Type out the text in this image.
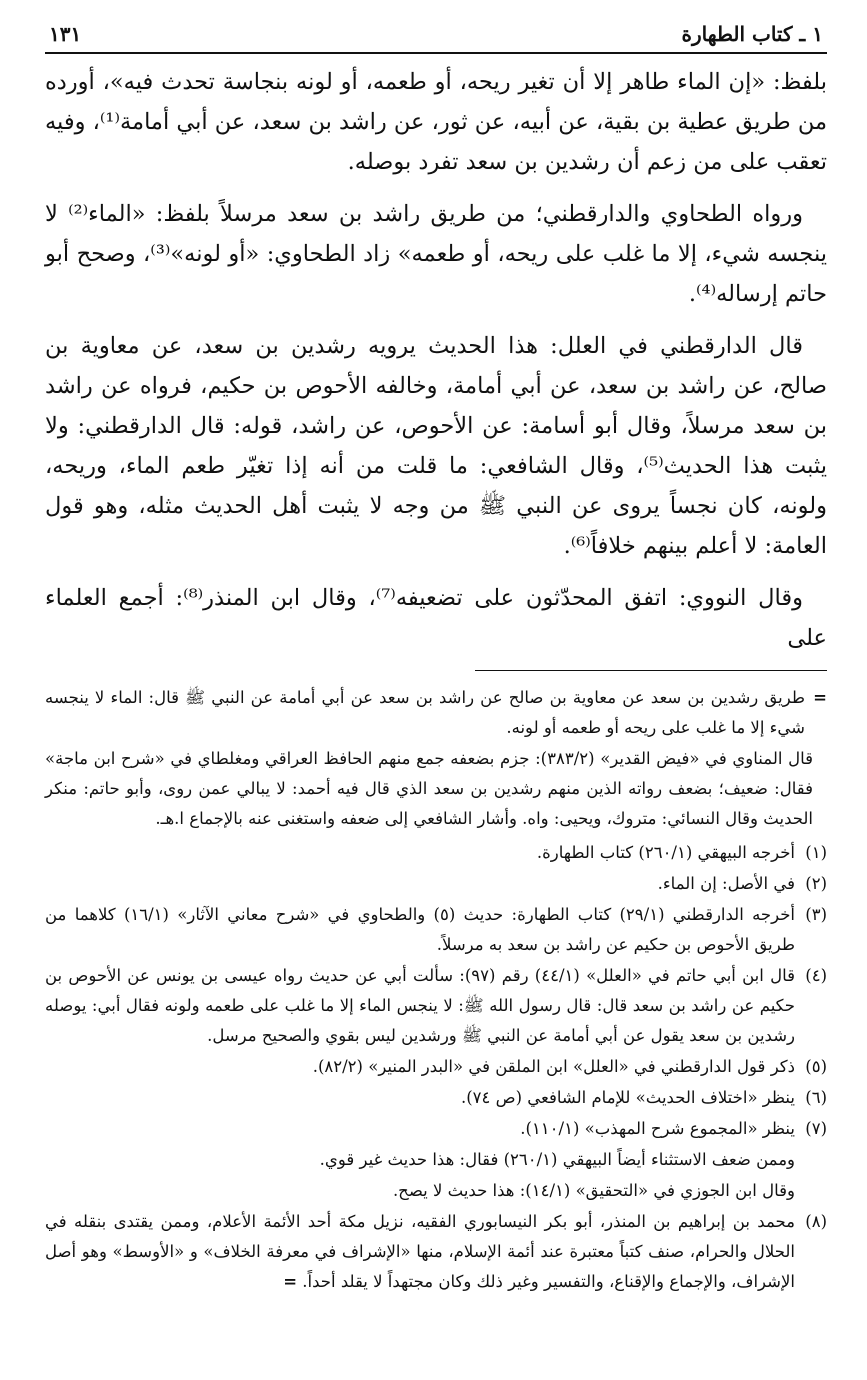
١ ـ كتاب الطهارة
١٣١

بلفظ: «إن الماء طاهر إلا أن تغير ريحه، أو طعمه، أو لونه بنجاسة تحدث فيه»، أورده من طريق عطية بن بقية، عن أبيه، عن ثور، عن راشد بن سعد، عن أبي أمامة⁽¹⁾، وفيه تعقب على من زعم أن رشدين بن سعد تفرد بوصله.

ورواه الطحاوي والدارقطني؛ من طريق راشد بن سعد مرسلاً بلفظ: «الماء⁽²⁾ لا ينجسه شيء، إلا ما غلب على ريحه، أو طعمه» زاد الطحاوي: «أو لونه»⁽³⁾، وصحح أبو حاتم إرساله⁽⁴⁾.

قال الدارقطني في العلل: هذا الحديث يرويه رشدين بن سعد، عن معاوية بن صالح، عن راشد بن سعد، عن أبي أمامة، وخالفه الأحوص بن حكيم، فرواه عن راشد بن سعد مرسلاً، وقال أبو أسامة: عن الأحوص، عن راشد، قوله: قال الدارقطني: ولا يثبت هذا الحديث⁽⁵⁾، وقال الشافعي: ما قلت من أنه إذا تغيّر طعم الماء، وريحه، ولونه، كان نجساً يروى عن النبي ﷺ من وجه لا يثبت أهل الحديث مثله، وهو قول العامة: لا أعلم بينهم خلافاً⁽⁶⁾.

وقال النووي: اتفق المحدّثون على تضعيفه⁽⁷⁾، وقال ابن المنذر⁽⁸⁾: أجمع العلماء على

=
طريق رشدين بن سعد عن معاوية بن صالح عن راشد بن سعد عن أبي أمامة عن النبي ﷺ قال: الماء لا ينجسه شيء إلا ما غلب على ريحه أو طعمه أو لونه.
قال المناوي في «فيض القدير» (٣٨٣/٢): جزم بضعفه جمع منهم الحافظ العراقي ومغلطاي في «شرح ابن ماجة» فقال: ضعيف؛ بضعف رواته الذين منهم رشدين بن سعد الذي قال فيه أحمد: لا يبالي عمن روى، وأبو حاتم: منكر الحديث وقال النسائي: متروك، ويحيى: واه. وأشار الشافعي إلى ضعفه واستغنى عنه بالإجماع ا.هـ.
(١)
أخرجه البيهقي (٢٦٠/١) كتاب الطهارة.
(٢)
في الأصل: إن الماء.
(٣)
أخرجه الدارقطني (٢٩/١) كتاب الطهارة: حديث (٥) والطحاوي في «شرح معاني الآثار» (١٦/١) كلاهما من طريق الأحوص بن حكيم عن راشد بن سعد به مرسلاً.
(٤)
قال ابن أبي حاتم في «العلل» (٤٤/١) رقم (٩٧): سألت أبي عن حديث رواه عيسى بن يونس عن الأحوص بن حكيم عن راشد بن سعد قال: قال رسول الله ﷺ: لا ينجس الماء إلا ما غلب على طعمه ولونه فقال أبي: يوصله رشدين بن سعد يقول عن أبي أمامة عن النبي ﷺ ورشدين ليس بقوي والصحيح مرسل.
(٥)
ذكر قول الدارقطني في «العلل» ابن الملقن في «البدر المنير» (٨٢/٢).
(٦)
ينظر «اختلاف الحديث» للإمام الشافعي (ص ٧٤).
(٧)
ينظر «المجموع شرح المهذب» (١١٠/١).
وممن ضعف الاستثناء أيضاً البيهقي (٢٦٠/١) فقال: هذا حديث غير قوي.
وقال ابن الجوزي في «التحقيق» (١٤/١): هذا حديث لا يصح.
(٨)
محمد بن إبراهيم بن المنذر، أبو بكر النيسابوري الفقيه، نزيل مكة أحد الأئمة الأعلام، وممن يقتدى بنقله في الحلال والحرام، صنف كتباً معتبرة عند أئمة الإسلام، منها «الإشراف في معرفة الخلاف» و «الأوسط» وهو أصل الإشراف، والإجماع والإقناع، والتفسير وغير ذلك وكان مجتهداً لا يقلد أحداً. =
